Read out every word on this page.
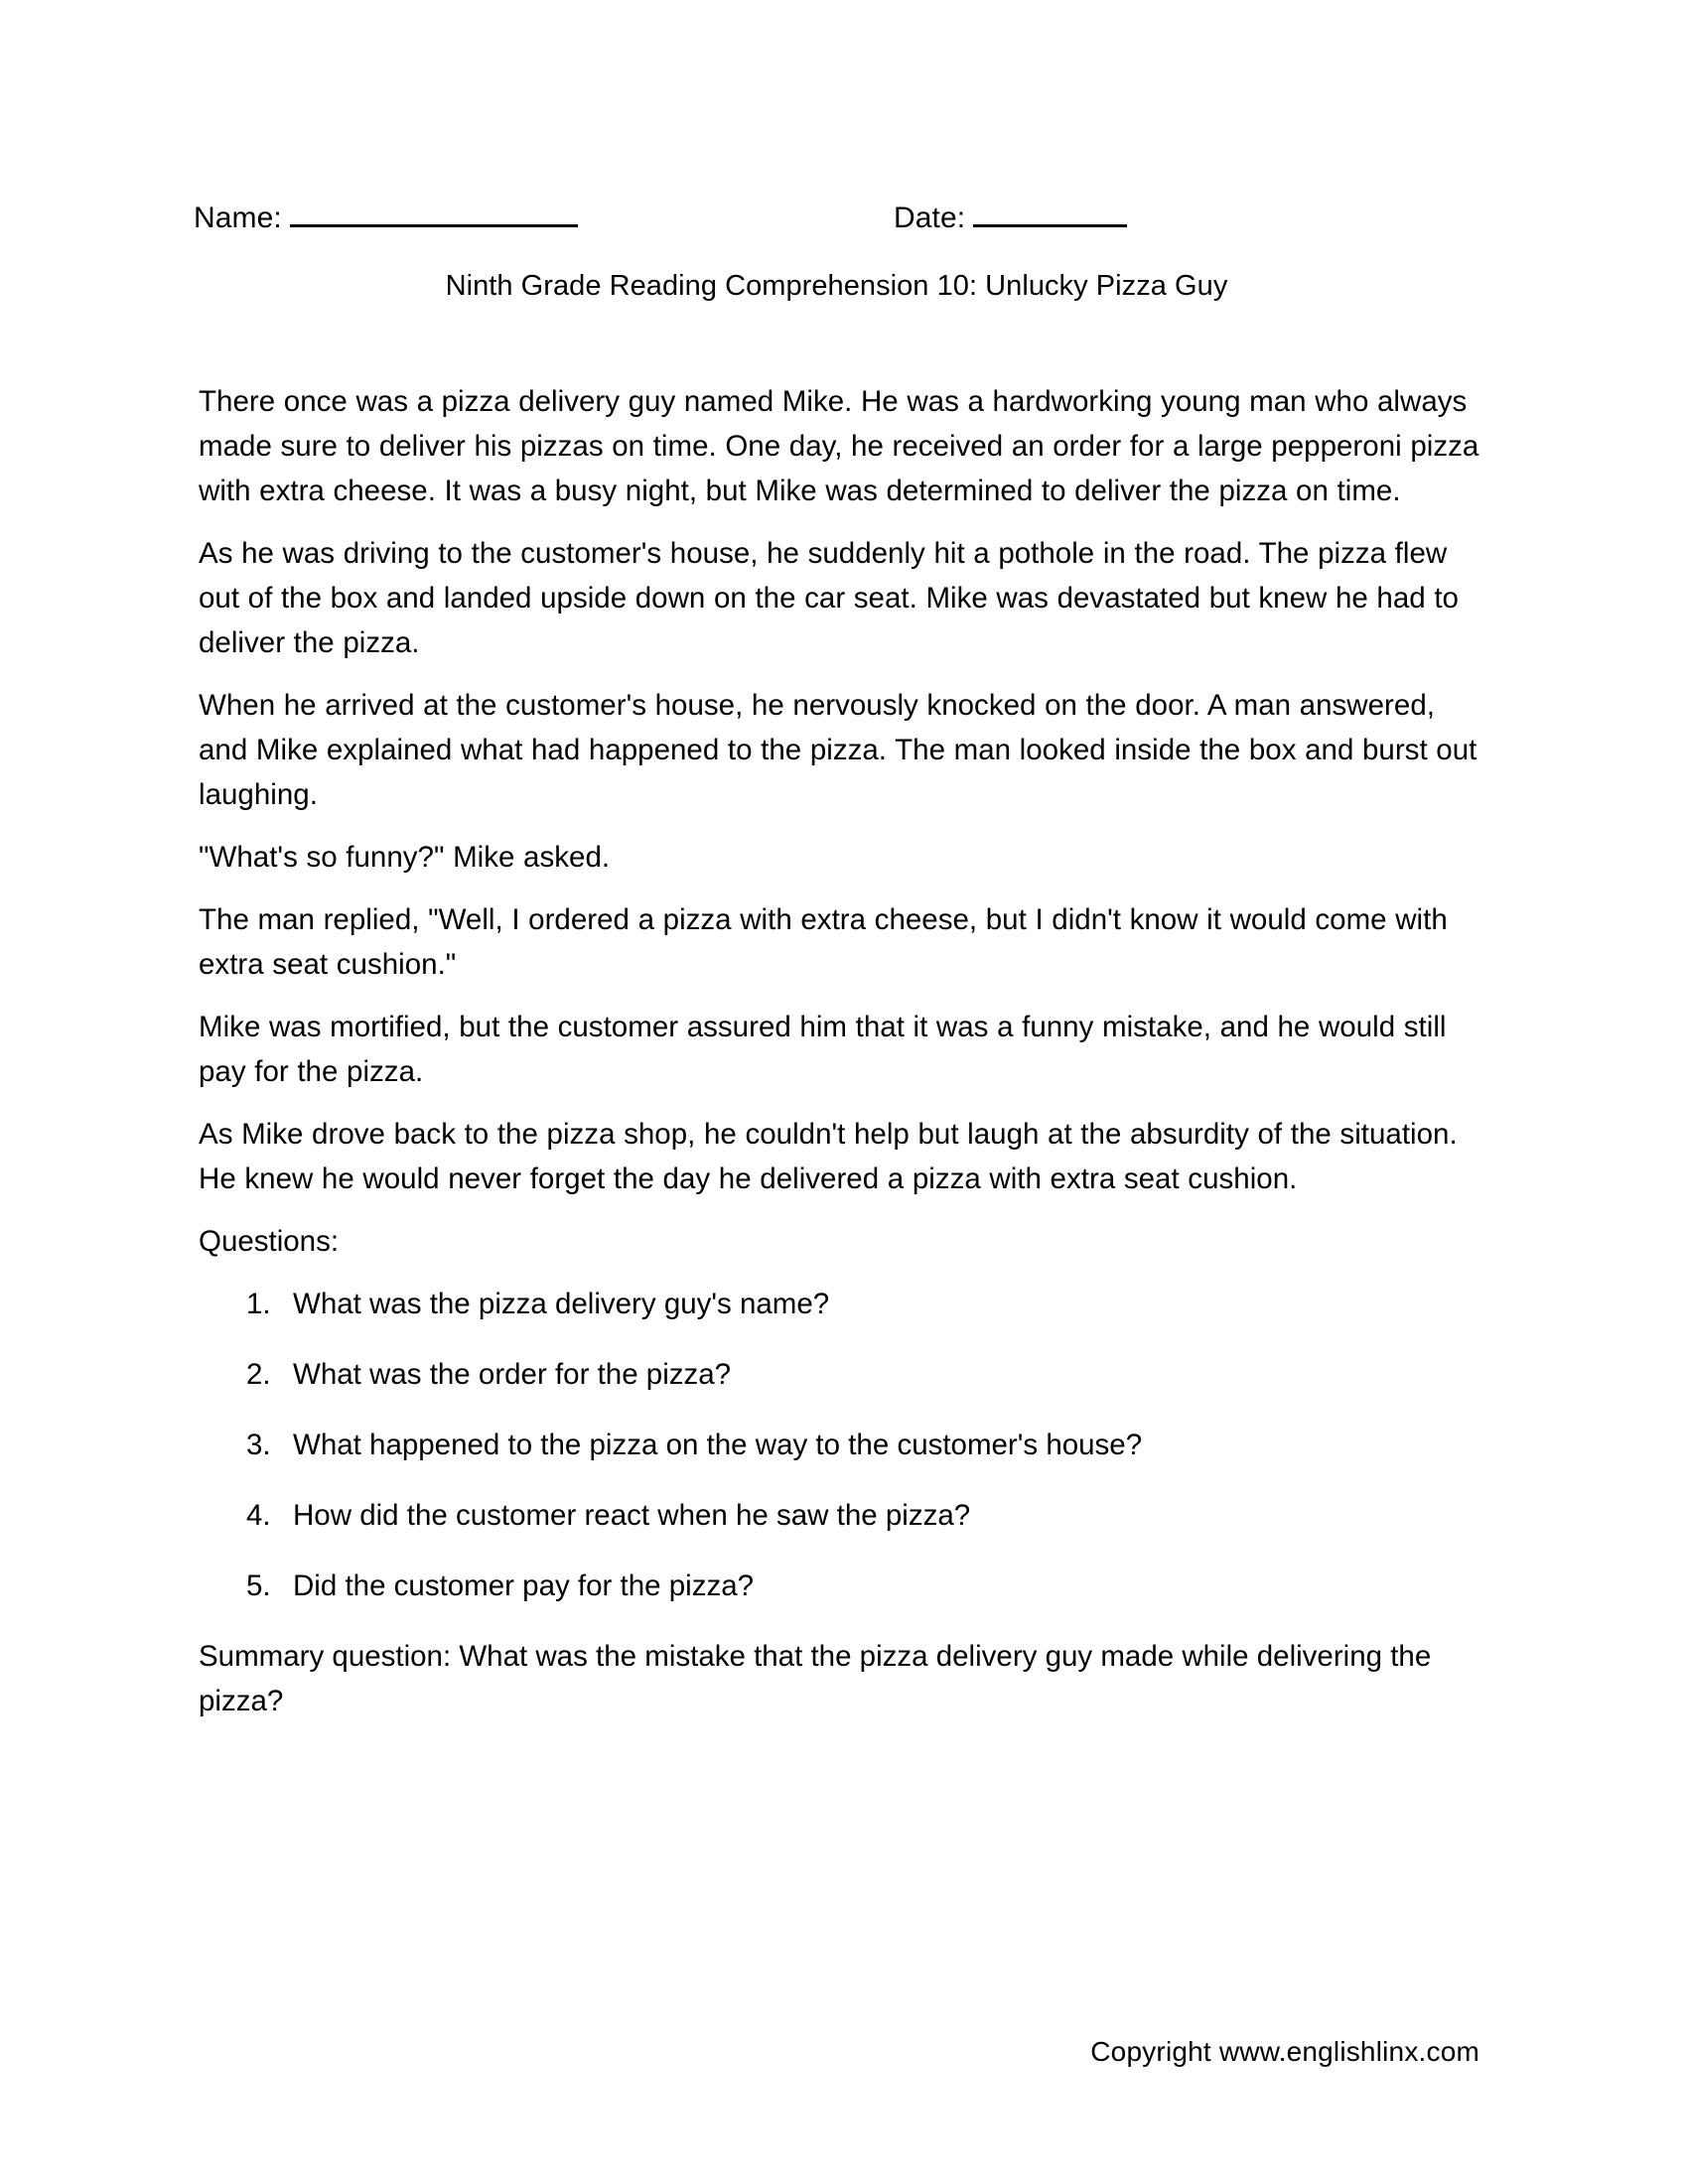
Name:	Date:
Ninth Grade Reading Comprehension 10: Unlucky Pizza Guy

There once was a pizza delivery guy named Mike. He was a hardworking young man who always made sure to deliver his pizzas on time. One day, he received an order for a large pepperoni pizza with extra cheese. It was a busy night, but Mike was determined to deliver the pizza on time.

As he was driving to the customer's house, he suddenly hit a pothole in the road. The pizza flew out of the box and landed upside down on the car seat. Mike was devastated but knew he had to deliver the pizza.

When he arrived at the customer's house, he nervously knocked on the door. A man answered, and Mike explained what had happened to the pizza. The man looked inside the box and burst out laughing.

"What's so funny?" Mike asked.

The man replied, "Well, I ordered a pizza with extra cheese, but I didn't know it would come with extra seat cushion."

Mike was mortified, but the customer assured him that it was a funny mistake, and he would still pay for the pizza.

As Mike drove back to the pizza shop, he couldn't help but laugh at the absurdity of the situation. He knew he would never forget the day he delivered a pizza with extra seat cushion.

Questions:

1. What was the pizza delivery guy's name?
2. What was the order for the pizza?
3. What happened to the pizza on the way to the customer's house?
4. How did the customer react when he saw the pizza?
5. Did the customer pay for the pizza?

Summary question: What was the mistake that the pizza delivery guy made while delivering the pizza?

Copyright www.englishlinx.com
